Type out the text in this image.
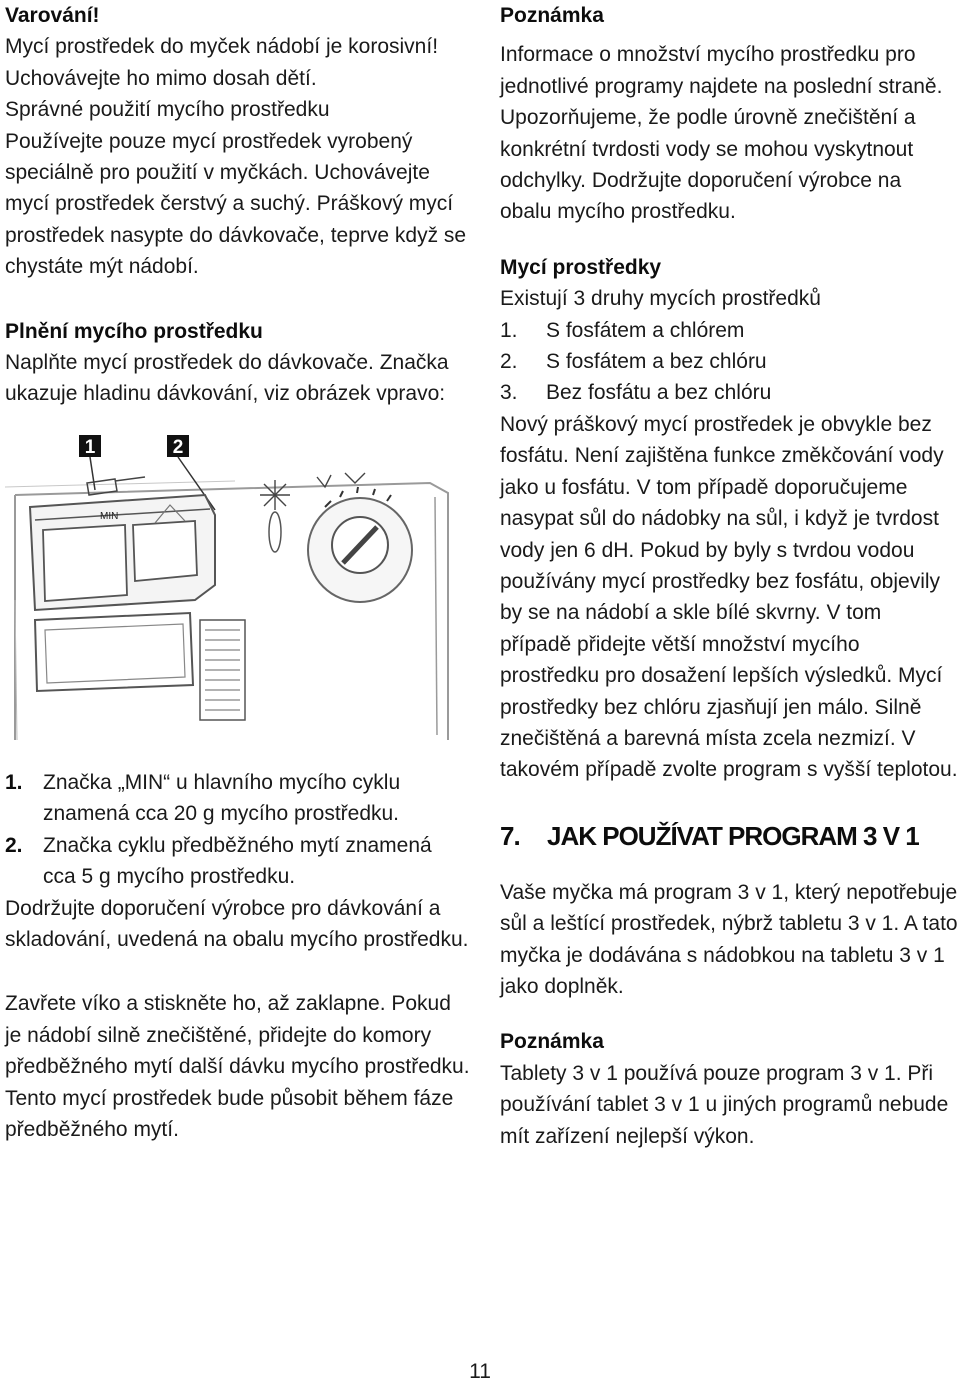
Varování!

Mycí prostředek do myček nádobí je korosivní! Uchovávejte ho mimo dosah dětí.

Správné použití mycího prostředku

Používejte pouze mycí prostředek vyrobený speciálně pro použití v myčkách. Uchovávejte mycí prostředek čerstvý a suchý. Práškový mycí prostředek nasypte do dávkovače, teprve když se chystáte mýt nádobí.

Plnění mycího prostředku

Naplňte mycí prostředek do dávkovače. Značka ukazuje hladinu dávkování, viz obrázek vpravo:

1	2
MIN
1. Značka „MIN“ u hlavního mycího cyklu znamená cca 20 g mycího prostředku.
2. Značka cyklu předběžného mytí znamená cca 5 g mycího prostředku.

Dodržujte doporučení výrobce pro dávkování a skladování, uvedená na obalu mycího prostředku.

Zavřete víko a stiskněte ho, až zaklapne. Pokud je nádobí silně znečištěné, přidejte do komory předběžného mytí další dávku mycího prostředku. Tento mycí prostředek bude působit během fáze předběžného mytí.

Poznámka

Informace o množství mycího prostředku pro jednotlivé programy najdete na poslední straně. Upozorňujeme, že podle úrovně znečištění a konkrétní tvrdosti vody se mohou vyskytnout odchylky. Dodržujte doporučení výrobce na obalu mycího prostředku.

Mycí prostředky

Existují 3 druhy mycích prostředků

1.	S fosfátem a chlórem
2.	S fosfátem a bez chlóru
3.	Bez fosfátu a bez chlóru

Nový práškový mycí prostředek je obvykle bez fosfátu. Není zajištěna funkce změkčování vody jako u fosfátu. V tom případě doporučujeme nasypat sůl do nádobky na sůl, i když je tvrdost vody jen 6 dH. Pokud by byly s tvrdou vodou používány mycí prostředky bez fosfátu, objevily by se na nádobí a skle bílé skvrny. V tom případě přidejte větší množství mycího prostředku pro dosažení lepších výsledků. Mycí prostředky bez chlóru zjasňují jen málo. Silně znečištěná a barevná místa zcela nezmizí. V takovém případě zvolte program s vyšší teplotou.

7.	JAK POUŽÍVAT PROGRAM 3 V 1

Vaše myčka má program 3 v 1, který nepotřebuje sůl a leštící prostředek, nýbrž tabletu 3 v 1. A tato myčka je dodávána s nádobkou na tabletu 3 v 1 jako doplněk.

Poznámka

Tablety 3 v 1 používá pouze program 3 v 1. Při používání tablet 3 v 1 u jiných programů nebude mít zařízení nejlepší výkon.

11
